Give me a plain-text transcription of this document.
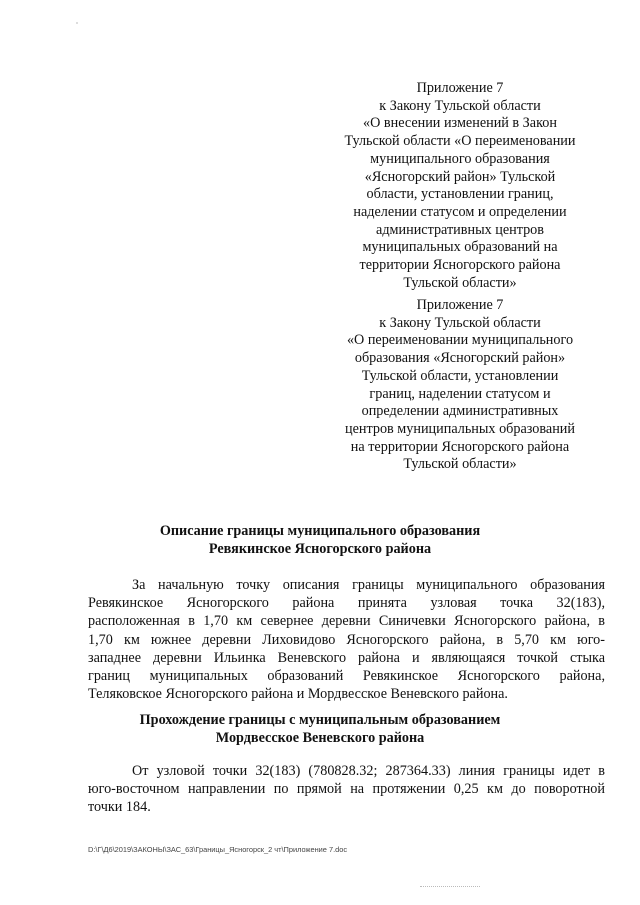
Приложение 7
к Закону Тульской области
«О внесении изменений в Закон
Тульской области «О переименовании
муниципального образования
«Ясногорский район» Тульской
области, установлении границ,
наделении статусом и определении
административных центров
муниципальных образований на
территории Ясногорского района
Тульской области»
Приложение 7
к Закону Тульской области
«О переименовании муниципального
образования «Ясногорский район»
Тульской области, установлении
границ, наделении статусом и
определении административных
центров муниципальных образований
на территории Ясногорского района
Тульской области»
Описание границы муниципального образования
Ревякинское Ясногорского района
За начальную точку описания границы муниципального образования
Ревякинское Ясногорского района принята узловая точка 32(183),
расположенная в 1,70 км севернее деревни Синичевки Ясногорского района, в
1,70 км южнее деревни Лиховидово Ясногорского района, в 5,70 км юго-
западнее деревни Ильинка Веневского района и являющаяся точкой стыка
границ муниципальных образований Ревякинское Ясногорского района,
Теляковское Ясногорского района и Мордвесское Веневского района.
Прохождение границы с муниципальным образованием
Мордвесское Веневского района
От узловой точки 32(183) (780828.32; 287364.33) линия границы идет в
юго-восточном направлении по прямой на протяжении 0,25 км до поворотной
точки 184.
D:\Г\Д6\2019\ЗАКОНЫ\ЗАС_63\Границы_Ясногорск_2 чт\Приложение 7.doc
